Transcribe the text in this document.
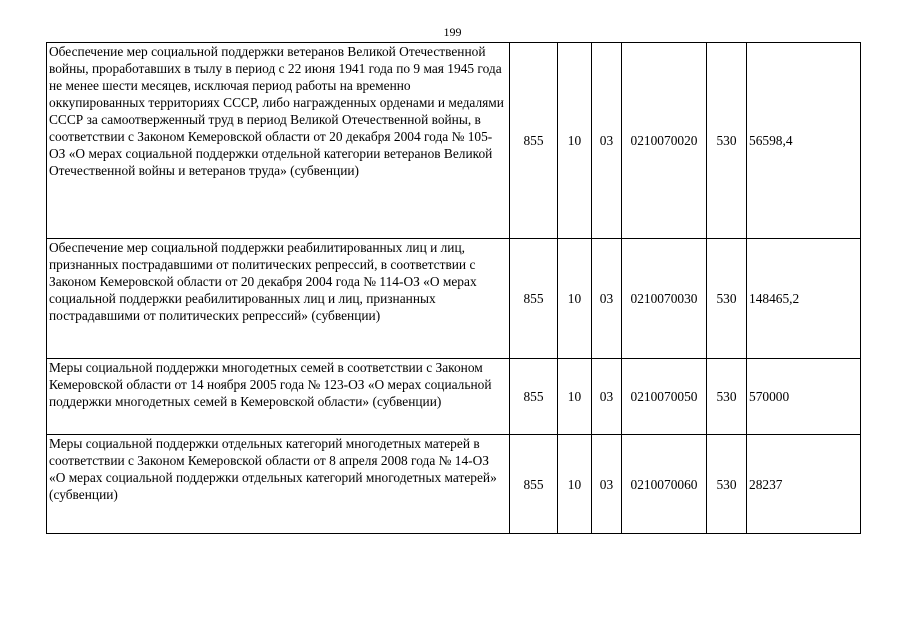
199
Обеспечение мер социальной поддержки ветеранов Великой Отечественной войны, проработавших в тылу в период с 22 июня 1941 года по 9 мая 1945 года не менее шести месяцев, исключая период работы на временно оккупированных территориях СССР, либо награжденных орденами и медалями СССР за самоотверженный труд в период Великой Отечественной войны, в соответствии с Законом Кемеровской области от 20 декабря 2004 года № 105-ОЗ «О мерах социальной поддержки отдельной категории ветеранов Великой Отечественной войны и ветеранов труда» (субвенции)	855	10	03	0210070020	530	56598,4
Обеспечение мер социальной поддержки реабилитированных лиц и лиц, признанных пострадавшими от политических репрессий, в соответствии с Законом Кемеровской области от 20 декабря 2004 года № 114-ОЗ «О мерах социальной поддержки реабилитированных лиц и лиц, признанных пострадавшими от политических репрессий» (субвенции)	855	10	03	0210070030	530	148465,2
Меры социальной поддержки многодетных семей в соответствии с Законом Кемеровской области от 14 ноября 2005 года № 123-ОЗ «О мерах социальной поддержки многодетных семей в Кемеровской области» (субвенции)	855	10	03	0210070050	530	570000
Меры социальной поддержки отдельных категорий многодетных матерей в соответствии с Законом Кемеровской области от 8 апреля 2008 года № 14-ОЗ «О мерах социальной поддержки отдельных категорий многодетных матерей» (субвенции)	855	10	03	0210070060	530	28237
